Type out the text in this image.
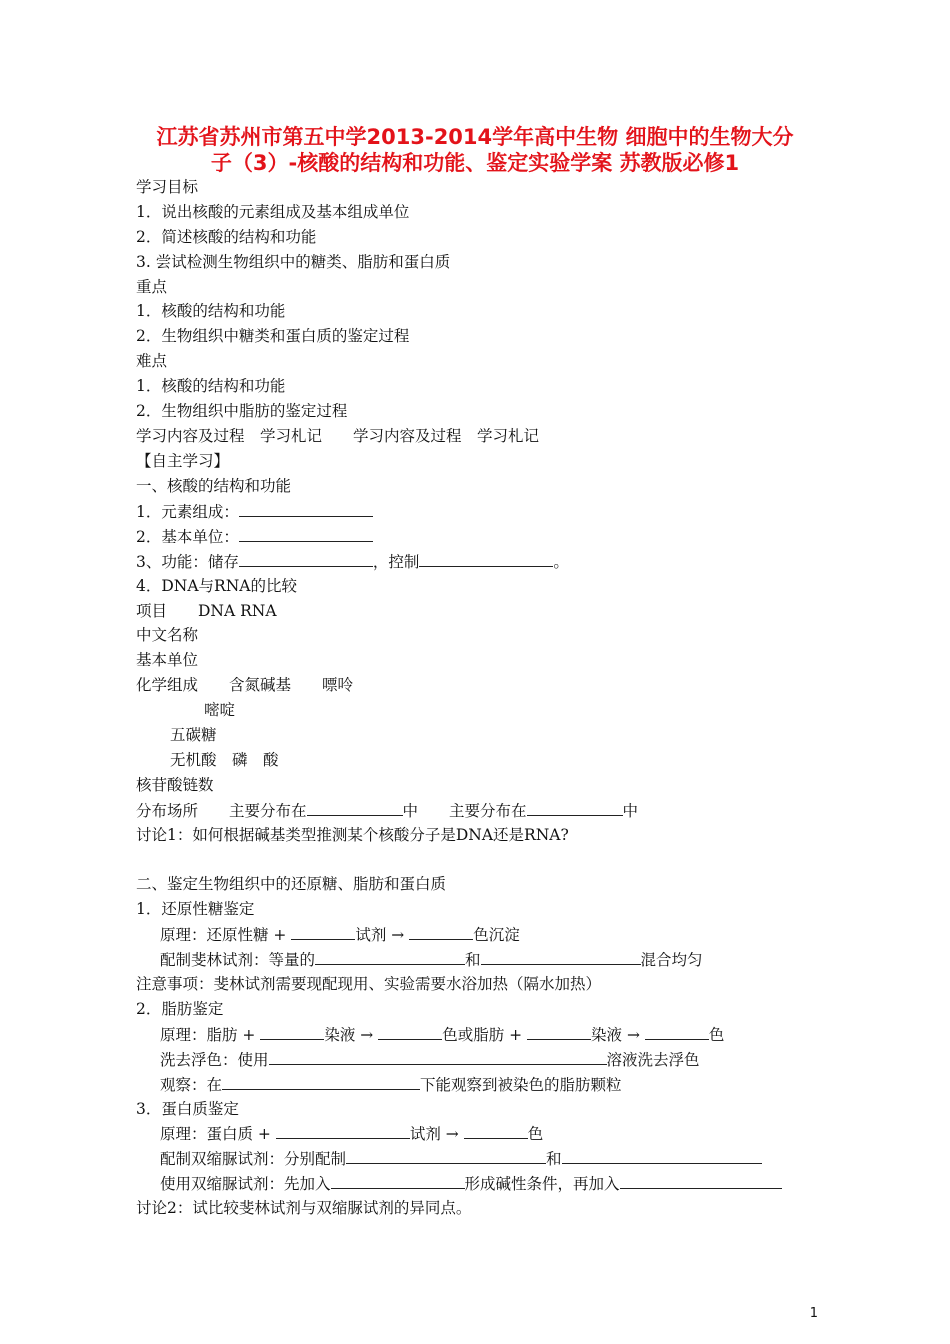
江苏省苏州市第五中学2013-2014学年高中生物 细胞中的生物大分
子（3）-核酸的结构和功能、鉴定实验学案 苏教版必修1
学习目标
1．说出核酸的元素组成及基本组成单位
2．简述核酸的结构和功能
3. 尝试检测生物组织中的糖类、脂肪和蛋白质
重点
1．核酸的结构和功能
2．生物组织中糖类和蛋白质的鉴定过程
难点
1．核酸的结构和功能
2．生物组织中脂肪的鉴定过程
学习内容及过程　学习札记　　学习内容及过程　学习札记
【自主学习】
一、核酸的结构和功能
1．元素组成：
2．基本单位：
3、功能：储存	，控制	。
4．DNA与RNA的比较
项目　　DNA RNA
中文名称
基本单位
化学组成　　含氮碱基　　嘌呤
嘧啶
五碳糖
无机酸　磷　酸
核苷酸链数
分布场所　　主要分布在	中　　主要分布在	中
讨论1：如何根据碱基类型推测某个核酸分子是DNA还是RNA?
二、鉴定生物组织中的还原糖、脂肪和蛋白质
1．还原性糖鉴定
原理：还原性糖 +	试剂 →	色沉淀
配制斐林试剂：等量的	和	混合均匀
注意事项：斐林试剂需要现配现用、实验需要水浴加热（隔水加热）
2．脂肪鉴定
原理：脂肪 +	染液 →	色或脂肪 +	染液 →	色
洗去浮色：使用	溶液洗去浮色
观察：在	下能观察到被染色的脂肪颗粒
3．蛋白质鉴定
原理：蛋白质 +	试剂 →	色
配制双缩脲试剂：分别配制	和
使用双缩脲试剂：先加入	形成碱性条件，再加入
讨论2：试比较斐林试剂与双缩脲试剂的异同点。
1
